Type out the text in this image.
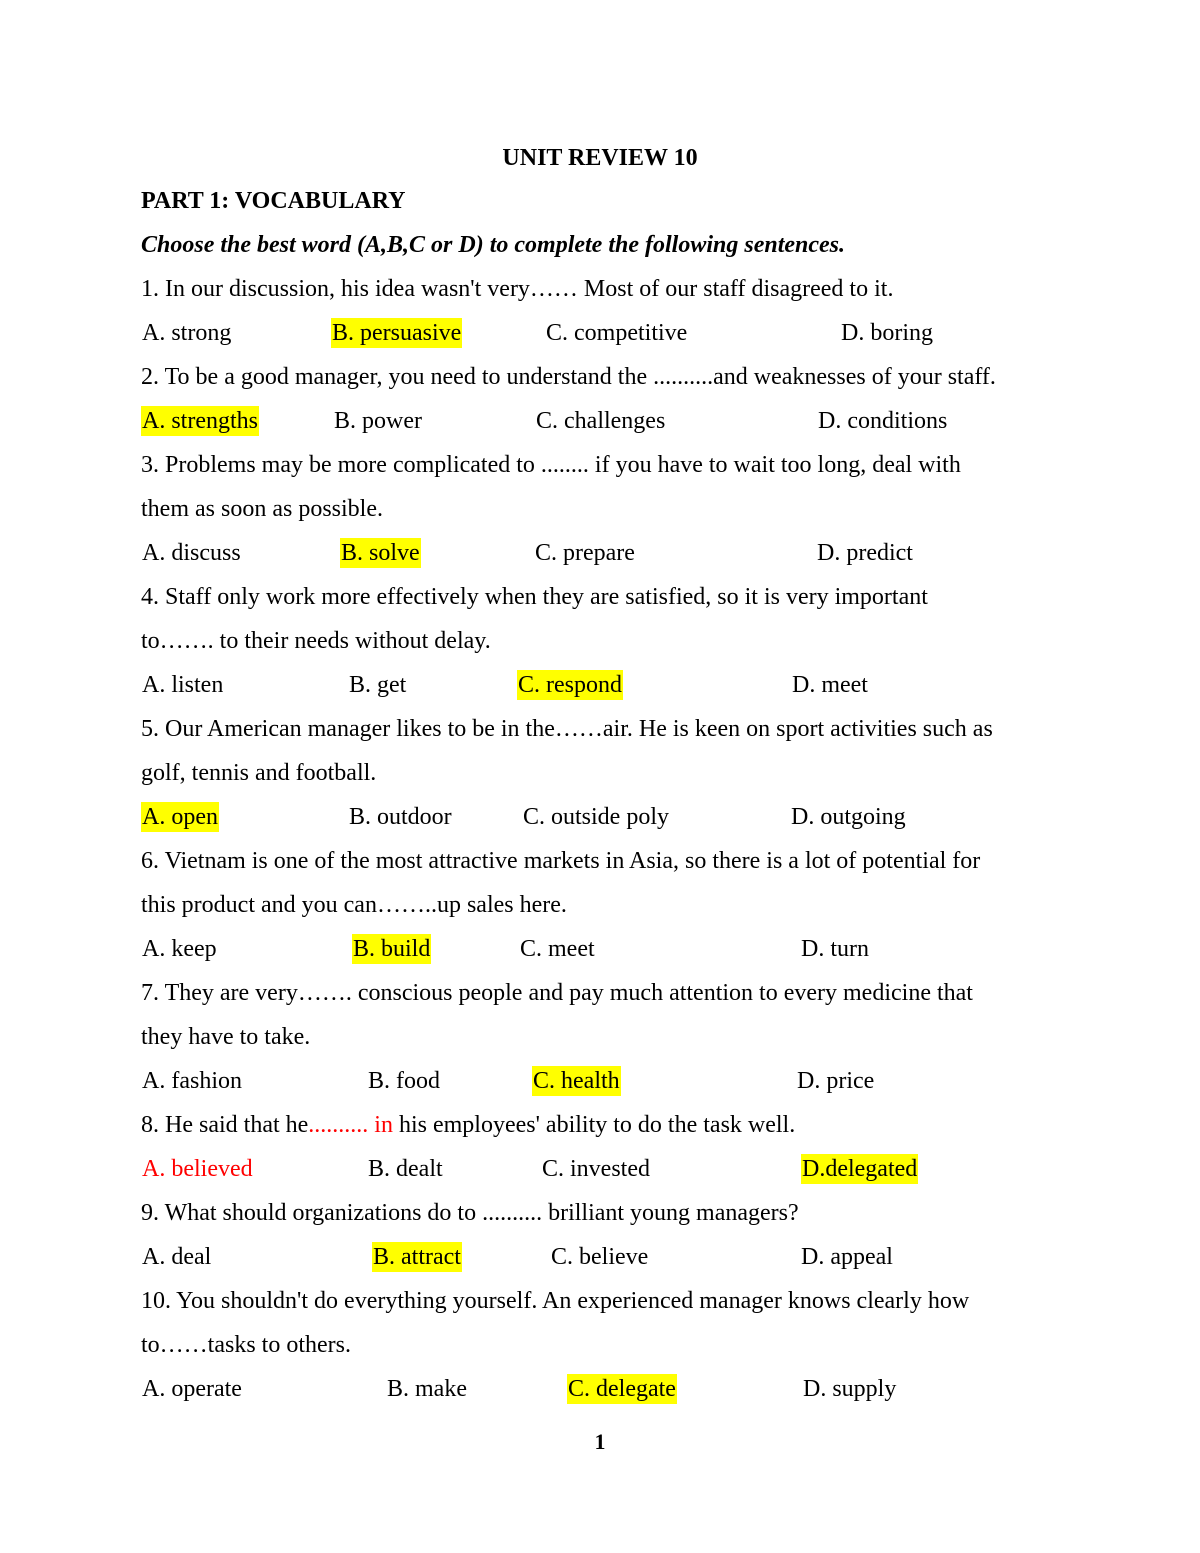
UNIT REVIEW 10
PART 1: VOCABULARY
Choose the best word (A,B,C or D) to complete the following sentences.
1. In our discussion, his idea wasn't very…… Most of our staff disagreed to it.
A. strong	B. persuasive	C. competitive	D. boring
2. To be a good manager, you need to understand the ..........and weaknesses of your staff.
A. strengths	B. power	C. challenges	D. conditions
3. Problems may be more complicated to ........ if you have to wait too long, deal with
them as soon as possible.
A. discuss	B. solve	C. prepare	D. predict
4. Staff only work more effectively when they are satisfied, so it is very important
to……. to their needs without delay.
A. listen	B. get	C. respond	D. meet
5. Our American manager likes to be in the……air. He is keen on sport activities such as
golf, tennis and football.
A. open	B. outdoor	C. outside poly	D. outgoing
6. Vietnam is one of the most attractive markets in Asia, so there is a lot of potential for
this product and you can……..up sales here.
A. keep	B. build	C. meet	D. turn
7. They are very……. conscious people and pay much attention to every medicine that
they have to take.
A. fashion	B. food	C. health	D. price
8. He said that he.......... in his employees' ability to do the task well.
A. believed	B. dealt	C. invested	D.delegated
9. What should organizations do to .......... brilliant young managers?
A. deal	B. attract	C. believe	D. appeal
10. You shouldn't do everything yourself. An experienced manager knows clearly how
to……tasks to others.
A. operate	B. make	C. delegate	D. supply
1
